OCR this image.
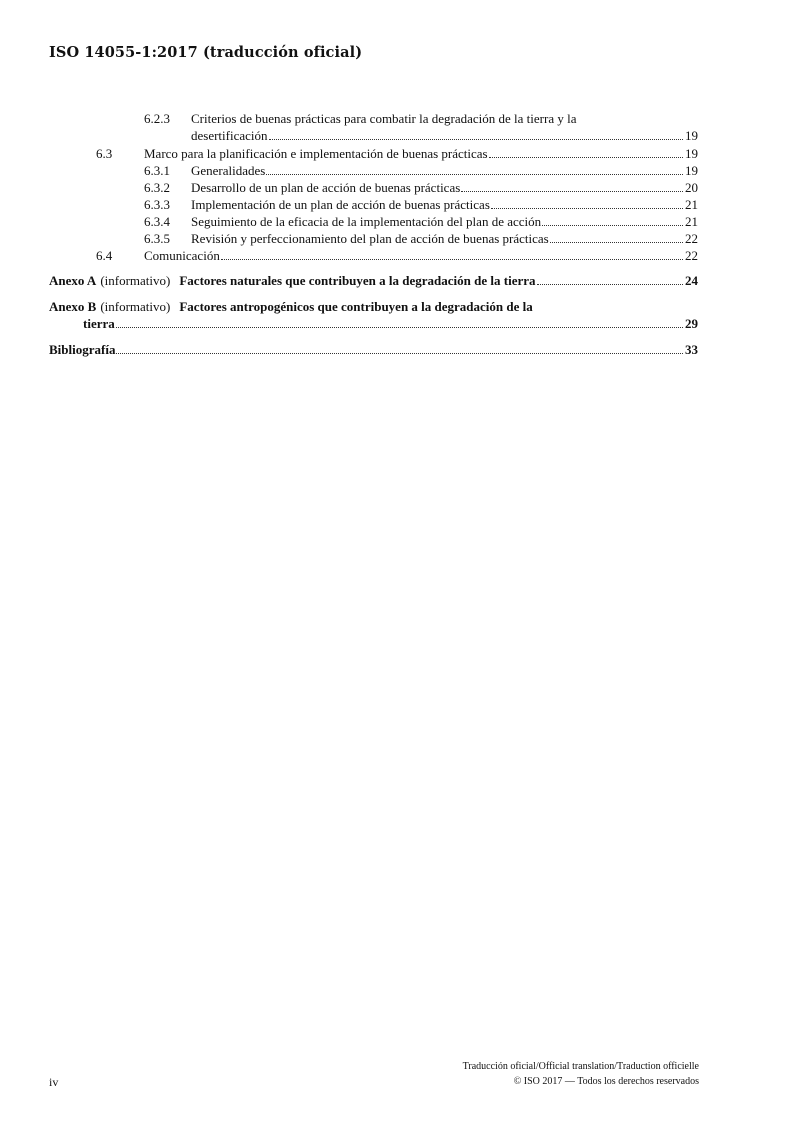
ISO 14055-1:2017 (traducción oficial)
6.2.3 Criterios de buenas prácticas para combatir la degradación de la tierra y la
desertificación	19
6.3 Marco para la planificación e implementación de buenas prácticas	19
6.3.1 Generalidades	19
6.3.2 Desarrollo de un plan de acción de buenas prácticas	20
6.3.3 Implementación de un plan de acción de buenas prácticas	21
6.3.4 Seguimiento de la eficacia de la implementación del plan de acción	21
6.3.5 Revisión y perfeccionamiento del plan de acción de buenas prácticas	22
6.4 Comunicación	22
Anexo A (informativo) Factores naturales que contribuyen a la degradación de la tierra	24
Anexo B (informativo) Factores antropogénicos que contribuyen a la degradación de la
tierra	29
Bibliografía	33
Traducción oficial/Official translation/Traduction officielle
© ISO 2017 — Todos los derechos reservados
iv
